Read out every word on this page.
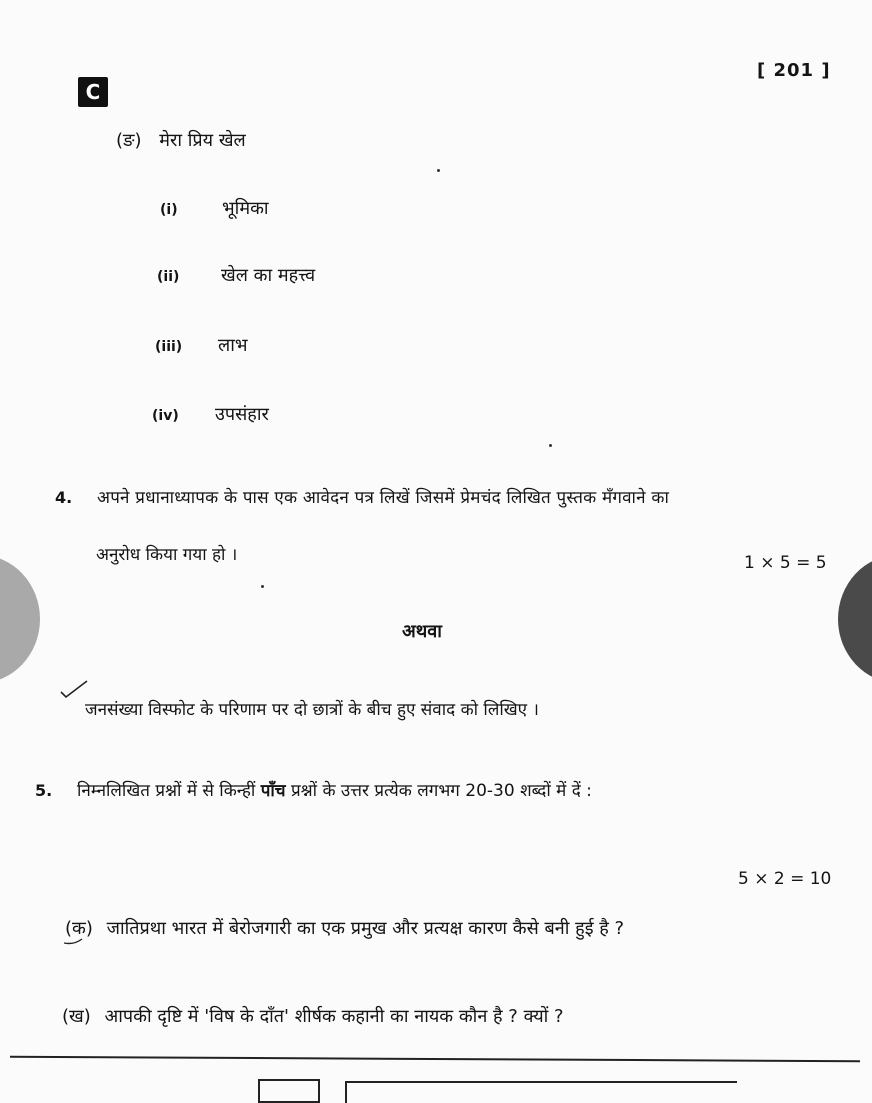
[ 201 ]
C
(ङ) मेरा प्रिय खेल
(i) भूमिका
(ii) खेल का महत्त्व
(iii) लाभ
(iv) उपसंहार
4. अपने प्रधानाध्यापक के पास एक आवेदन पत्र लिखें जिसमें प्रेमचंद लिखित पुस्तक मँगवाने का
अनुरोध किया गया हो ।	1 × 5 = 5
अथवा
जनसंख्या विस्फोट के परिणाम पर दो छात्रों के बीच हुए संवाद को लिखिए ।
5. निम्नलिखित प्रश्नों में से किन्हीं पाँच प्रश्नों के उत्तर प्रत्येक लगभग 20-30 शब्दों में दें :
5 × 2 = 10
(क) जातिप्रथा भारत में बेरोजगारी का एक प्रमुख और प्रत्यक्ष कारण कैसे बनी हुई है ?
(ख) आपकी दृष्टि में 'विष के दाँत' शीर्षक कहानी का नायक कौन है ? क्यों ?
